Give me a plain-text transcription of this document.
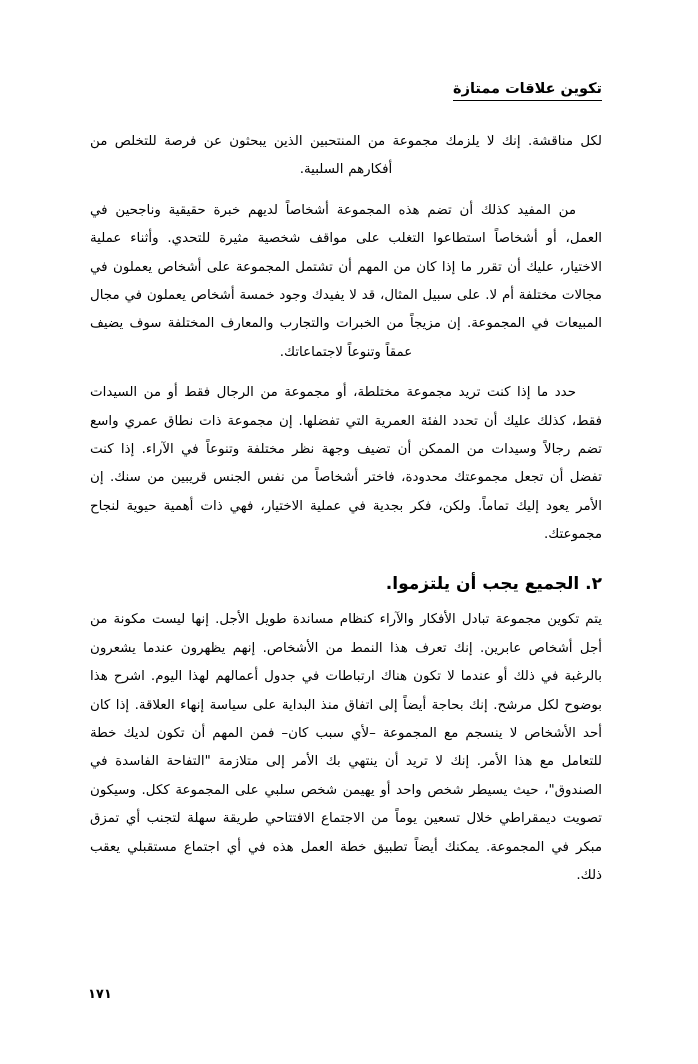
تكوين علاقات ممتازة

لكل مناقشة. إنك لا يلزمك مجموعة من المنتحبين الذين يبحثون عن فرصة للتخلص من أفكارهم السلبية.

من المفيد كذلك أن تضم هذه المجموعة أشخاصاً لديهم خبرة حقيقية وناجحين في العمل، أو أشخاصاً استطاعوا التغلب على مواقف شخصية مثيرة للتحدي. وأثناء عملية الاختيار، عليك أن تقرر ما إذا كان من المهم أن تشتمل المجموعة على أشخاص يعملون في مجالات مختلفة أم لا. على سبيل المثال، قد لا يفيدك وجود خمسة أشخاص يعملون في مجال المبيعات في المجموعة. إن مزيجاً من الخبرات والتجارب والمعارف المختلفة سوف يضيف عمقاً وتنوعاً لاجتماعاتك.

حدد ما إذا كنت تريد مجموعة مختلطة، أو مجموعة من الرجال فقط أو من السيدات فقط، كذلك عليك أن تحدد الفئة العمرية التي تفضلها. إن مجموعة ذات نطاق عمري واسع تضم رجالاً وسيدات من الممكن أن تضيف وجهة نظر مختلفة وتنوعاً في الآراء. إذا كنت تفضل أن تجعل مجموعتك محدودة، فاختر أشخاصاً من نفس الجنس قريبين من سنك. إن الأمر يعود إليك تماماً. ولكن، فكر بجدية في عملية الاختيار، فهي ذات أهمية حيوية لنجاح مجموعتك.

٢. الجميع يجب أن يلتزموا.

يتم تكوين مجموعة تبادل الأفكار والآراء كنظام مساندة طويل الأجل. إنها ليست مكونة من أجل أشخاص عابرين. إنك تعرف هذا النمط من الأشخاص. إنهم يظهرون عندما يشعرون بالرغبة في ذلك أو عندما لا تكون هناك ارتباطات في جدول أعمالهم لهذا اليوم. اشرح هذا بوضوح لكل مرشح. إنك بحاجة أيضاً إلى اتفاق منذ البداية على سياسة إنهاء العلاقة. إذا كان أحد الأشخاص لا ينسجم مع المجموعة –لأي سبب كان– فمن المهم أن تكون لديك خطة للتعامل مع هذا الأمر. إنك لا تريد أن ينتهي بك الأمر إلى متلازمة "التفاحة الفاسدة في الصندوق"، حيث يسيطر شخص واحد أو يهيمن شخص سلبي على المجموعة ككل. وسيكون تصويت ديمقراطي خلال تسعين يوماً من الاجتماع الافتتاحي طريقة سهلة لتجنب أي تمزق مبكر في المجموعة. يمكنك أيضاً تطبيق خطة العمل هذه في أي اجتماع مستقبلي يعقب ذلك.

١٧١
